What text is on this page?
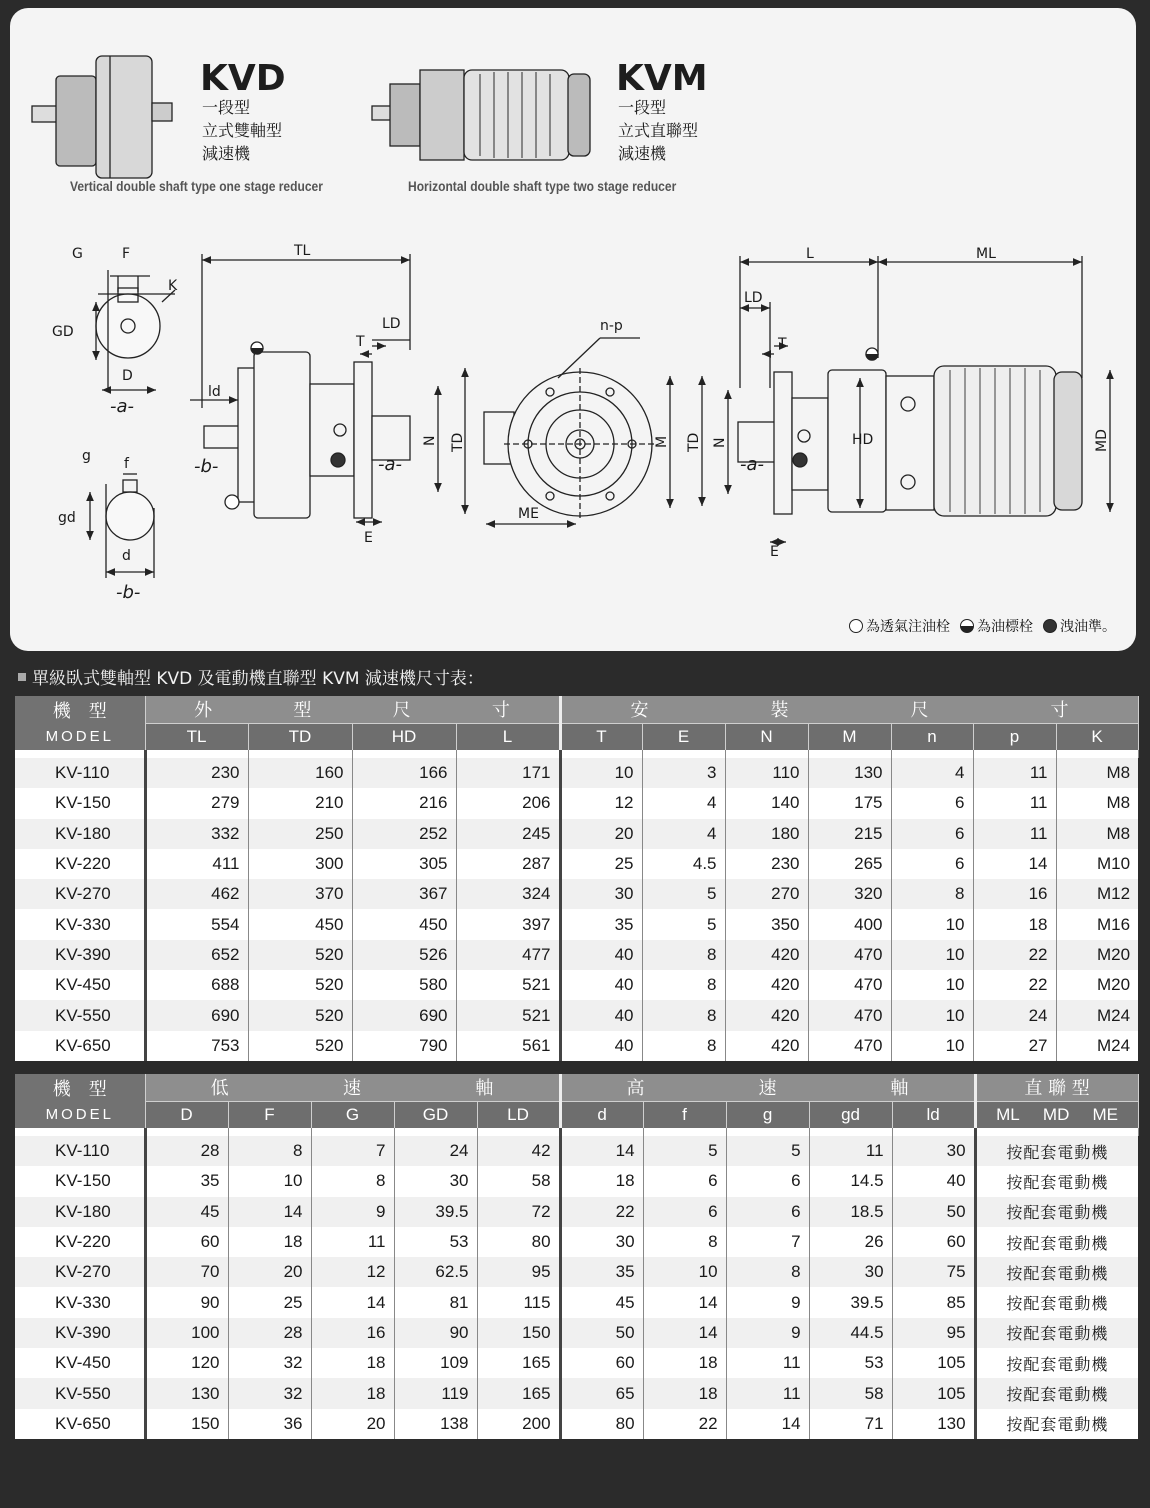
KVD
一段型
立式雙軸型
減速機
Vertical double shaft type one stage reducer
KVM
一段型
立式直聯型
減速機
Horizontal double shaft type two stage reducer
G	F
K
GD
D
-a-
g f
gd
d
-b-
TL
LD
T
ld
-b-	-a-
N TD
E
n-p
M
ME
L	ML
LD
T
TD N
-a-
HD	MD
E
為透氣注油栓 為油標栓 洩油準。
單級臥式雙軸型 KVD 及電動機直聯型 KVM 減速機尺寸表：
機　型	外 型 尺 寸				安 裝 尺 寸						

MODEL	TL	TD	HD	L	T	E	N	M	n	p	K

KV-110	230	160	166	171	10	3	110	130	4	11	M8
KV-150	279	210	216	206	12	4	140	175	6	11	M8
KV-180	332	250	252	245	20	4	180	215	6	11	M8
KV-220	411	300	305	287	25	4.5	230	265	6	14	M10
KV-270	462	370	367	324	30	5	270	320	8	16	M12
KV-330	554	450	450	397	35	5	350	400	10	18	M16
KV-390	652	520	526	477	40	8	420	470	10	22	M20
KV-450	688	520	580	521	40	8	420	470	10	22	M20
KV-550	690	520	690	521	40	8	420	470	10	24	M24
KV-650	753	520	790	561	40	8	420	470	10	27	M24
機　型	低 速 軸					高 速 軸					直 聯 型
MODEL	D	F	G	GD	LD	d	f	g	gd	ld	ML MD ME

KV-110	28	8	7	24	42	14	5	5	11	30	按配套電動機
KV-150	35	10	8	30	58	18	6	6	14.5	40	按配套電動機
KV-180	45	14	9	39.5	72	22	6	6	18.5	50	按配套電動機
KV-220	60	18	11	53	80	30	8	7	26	60	按配套電動機
KV-270	70	20	12	62.5	95	35	10	8	30	75	按配套電動機
KV-330	90	25	14	81	115	45	14	9	39.5	85	按配套電動機
KV-390	100	28	16	90	150	50	14	9	44.5	95	按配套電動機
KV-450	120	32	18	109	165	60	18	11	53	105	按配套電動機
KV-550	130	32	18	119	165	65	18	11	58	105	按配套電動機
KV-650	150	36	20	138	200	80	22	14	71	130	按配套電動機
